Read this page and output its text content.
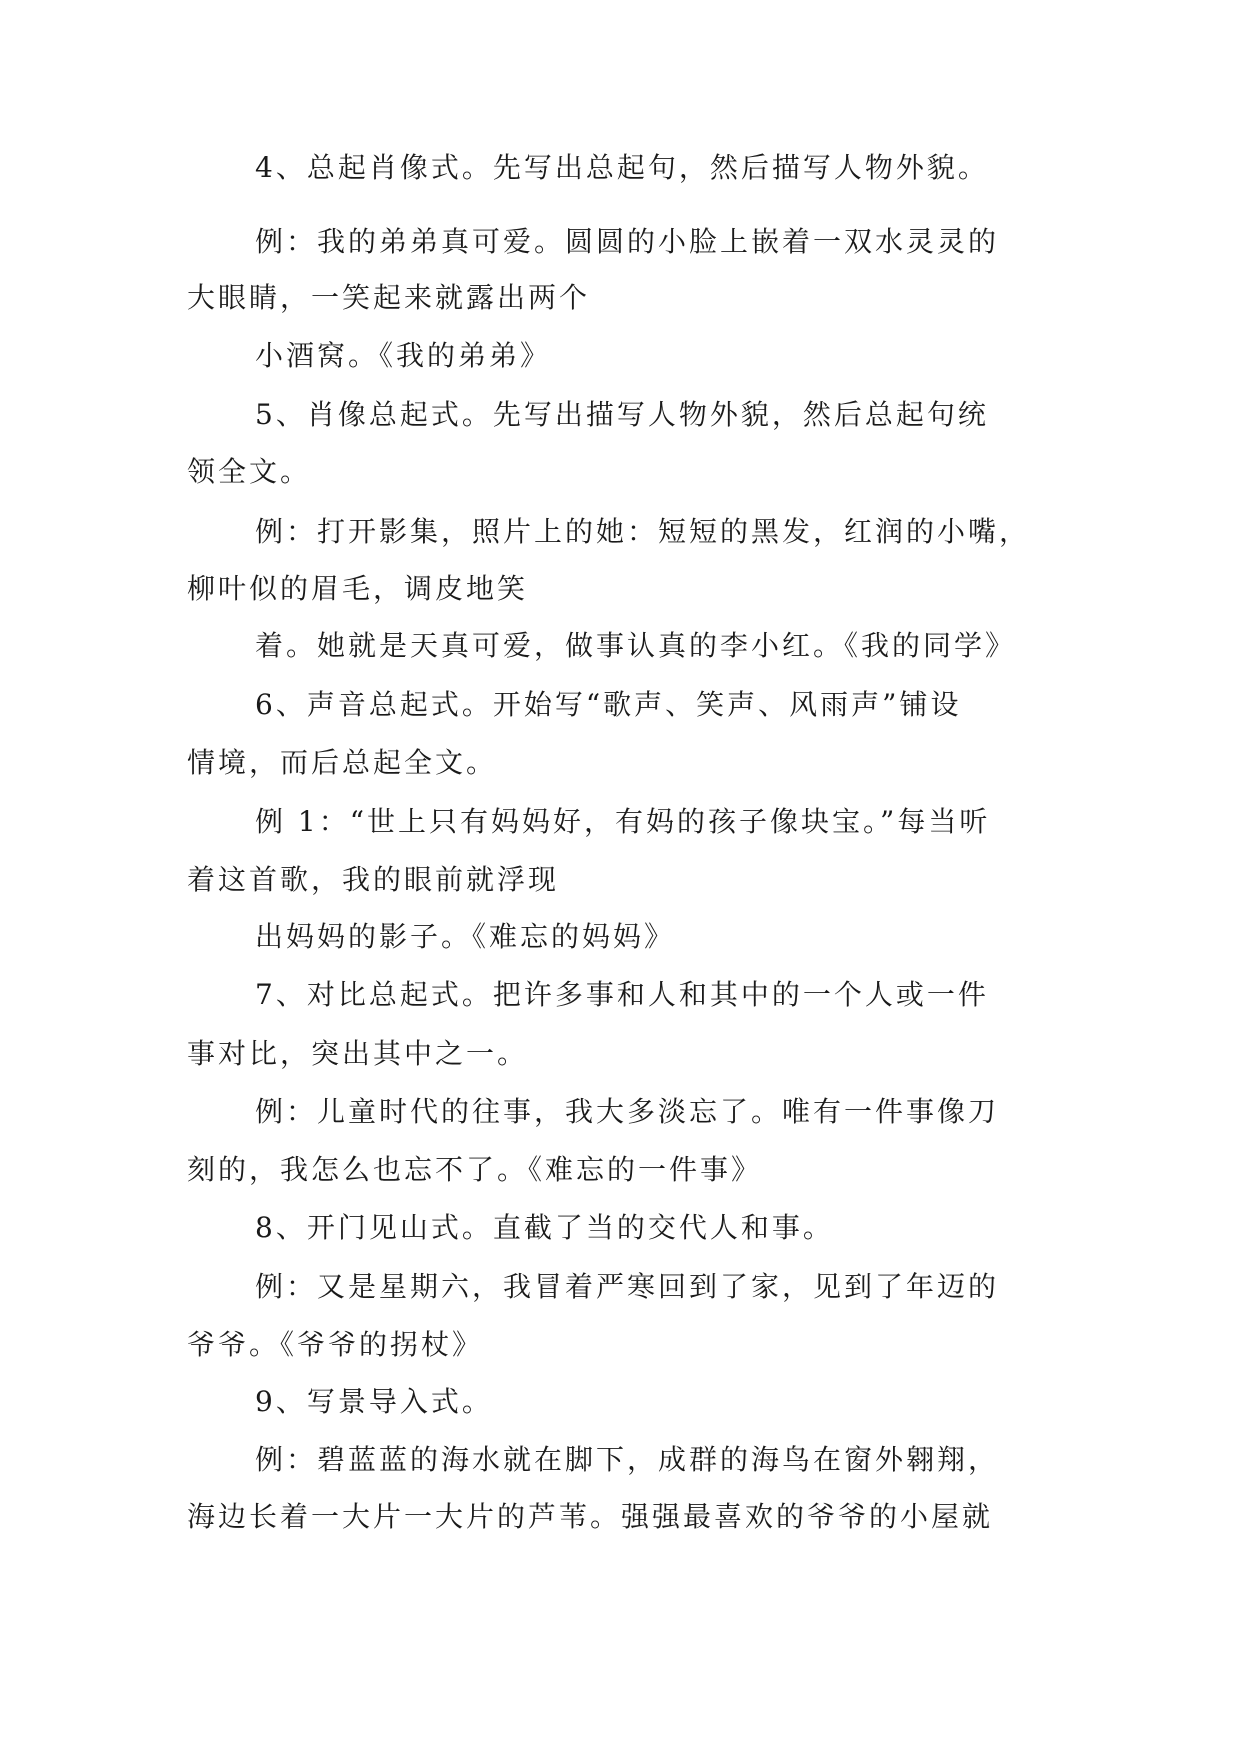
4、总起肖像式。先写出总起句，然后描写人物外貌。
例：我的弟弟真可爱。圆圆的小脸上嵌着一双水灵灵的
大眼睛，一笑起来就露出两个
小酒窝。《我的弟弟》
5、肖像总起式。先写出描写人物外貌，然后总起句统
领全文。
例：打开影集，照片上的她：短短的黑发，红润的小嘴，
柳叶似的眉毛，调皮地笑
着。她就是天真可爱，做事认真的李小红。《我的同学》
6、声音总起式。开始写“歌声、笑声、风雨声”铺设
情境，而后总起全文。
例 1：“世上只有妈妈好，有妈的孩子像块宝。”每当听
着这首歌，我的眼前就浮现
出妈妈的影子。《难忘的妈妈》
7、对比总起式。把许多事和人和其中的一个人或一件
事对比，突出其中之一。
例：儿童时代的往事，我大多淡忘了。唯有一件事像刀
刻的，我怎么也忘不了。《难忘的一件事》
8、开门见山式。直截了当的交代人和事。
例：又是星期六，我冒着严寒回到了家，见到了年迈的
爷爷。《爷爷的拐杖》
9、写景导入式。
例：碧蓝蓝的海水就在脚下，成群的海鸟在窗外翱翔，
海边长着一大片一大片的芦苇。强强最喜欢的爷爷的小屋就
